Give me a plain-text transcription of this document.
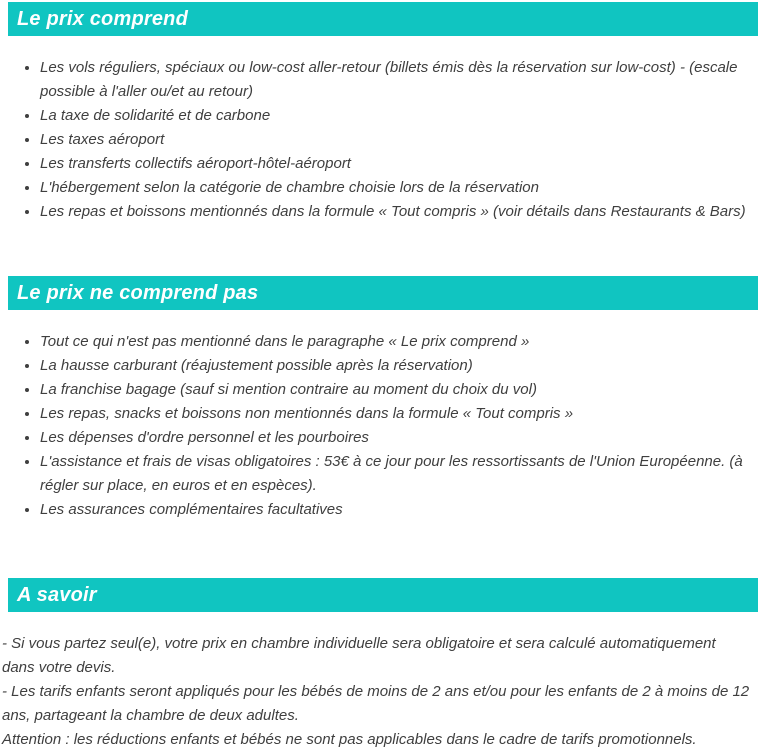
Le prix comprend
• Les vols réguliers, spéciaux ou low-cost aller-retour (billets émis dès la réservation sur low-cost) - (escale possible à l'aller ou/et au retour)
• La taxe de solidarité et de carbone
• Les taxes aéroport
• Les transferts collectifs aéroport-hôtel-aéroport
• L'hébergement selon la catégorie de chambre choisie lors de la réservation
• Les repas et boissons mentionnés dans la formule « Tout compris » (voir détails dans Restaurants & Bars)
Le prix ne comprend pas
• Tout ce qui n'est pas mentionné dans le paragraphe « Le prix comprend »
• La hausse carburant (réajustement possible après la réservation)
• La franchise bagage (sauf si mention contraire au moment du choix du vol)
• Les repas, snacks et boissons non mentionnés dans la formule « Tout compris »
• Les dépenses d'ordre personnel et les pourboires
• L'assistance et frais de visas obligatoires : 53€ à ce jour pour les ressortissants de l'Union Européenne. (à régler sur place, en euros et en espèces).
• Les assurances complémentaires facultatives
A savoir

- Si vous partez seul(e), votre prix en chambre individuelle sera obligatoire et sera calculé automatiquement dans votre devis.

- Les tarifs enfants seront appliqués pour les bébés de moins de 2 ans et/ou pour les enfants de 2 à moins de 12 ans, partageant la chambre de deux adultes.

Attention : les réductions enfants et bébés ne sont pas applicables dans le cadre de tarifs promotionnels.
